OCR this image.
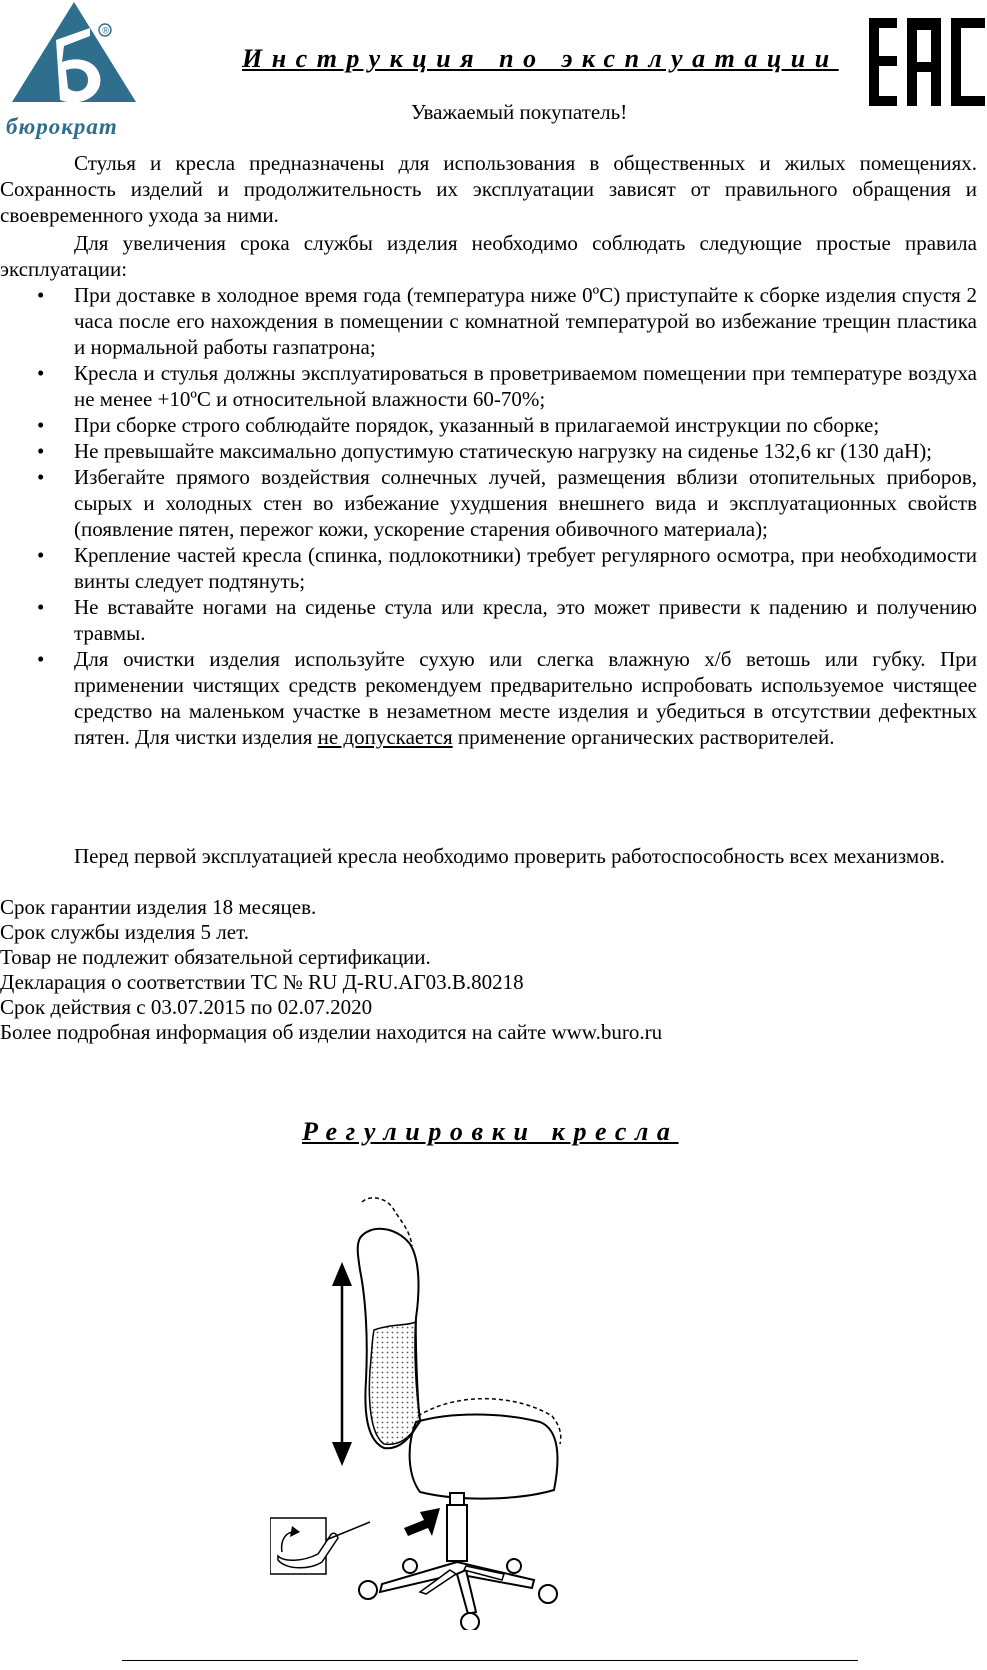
®
бюрократ
Инструкция по эксплуатации
Уважаемый покупатель!

Стулья и кресла предназначены для использования в общественных и жилых помещениях. Сохранность изделий и продолжительность их эксплуатации зависят от правильного обращения и своевременного ухода за ними.

Для увеличения срока службы изделия необходимо соблюдать следующие простые правила эксплуатации:

• При доставке в холодное время года (температура ниже 0ºС) приступайте к сборке изделия спустя 2 часа после его нахождения в помещении с комнатной температурой во избежание трещин пластика и нормальной работы газпатрона;
• Кресла и стулья должны эксплуатироваться в проветриваемом помещении при температуре воздуха не менее +10ºС и относительной влажности 60-70%;
• При сборке строго соблюдайте порядок, указанный в прилагаемой инструкции по сборке;
• Не превышайте максимально допустимую статическую нагрузку на сиденье 132,6 кг (130 даН);
• Избегайте прямого воздействия солнечных лучей, размещения вблизи отопительных приборов, сырых и холодных стен во избежание ухудшения внешнего вида и эксплуатационных свойств (появление пятен, пережог кожи, ускорение старения обивочного материала);
• Крепление частей кресла (спинка, подлокотники) требует регулярного осмотра, при необходимости винты следует подтянуть;
• Не вставайте ногами на сиденье стула или кресла, это может привести к падению и получению травмы.
• Для очистки изделия используйте сухую или слегка влажную х/б ветошь или губку. При применении чистящих средств рекомендуем предварительно испробовать используемое чистящее средство на маленьком участке в незаметном месте изделия и убедиться в отсутствии дефектных пятен. Для чистки изделия не допускается применение органических растворителей.

Перед первой эксплуатацией кресла необходимо проверить работоспособность всех механизмов.

Срок гарантии изделия 18 месяцев.
Срок службы изделия 5 лет.
Товар не подлежит обязательной сертификации.
Декларация о соответствии ТС № RU Д-RU.АГ03.В.80218
Срок действия с 03.07.2015 по 02.07.2020
Более подробная информация об изделии находится на сайте www.buro.ru
Регулировки кресла
